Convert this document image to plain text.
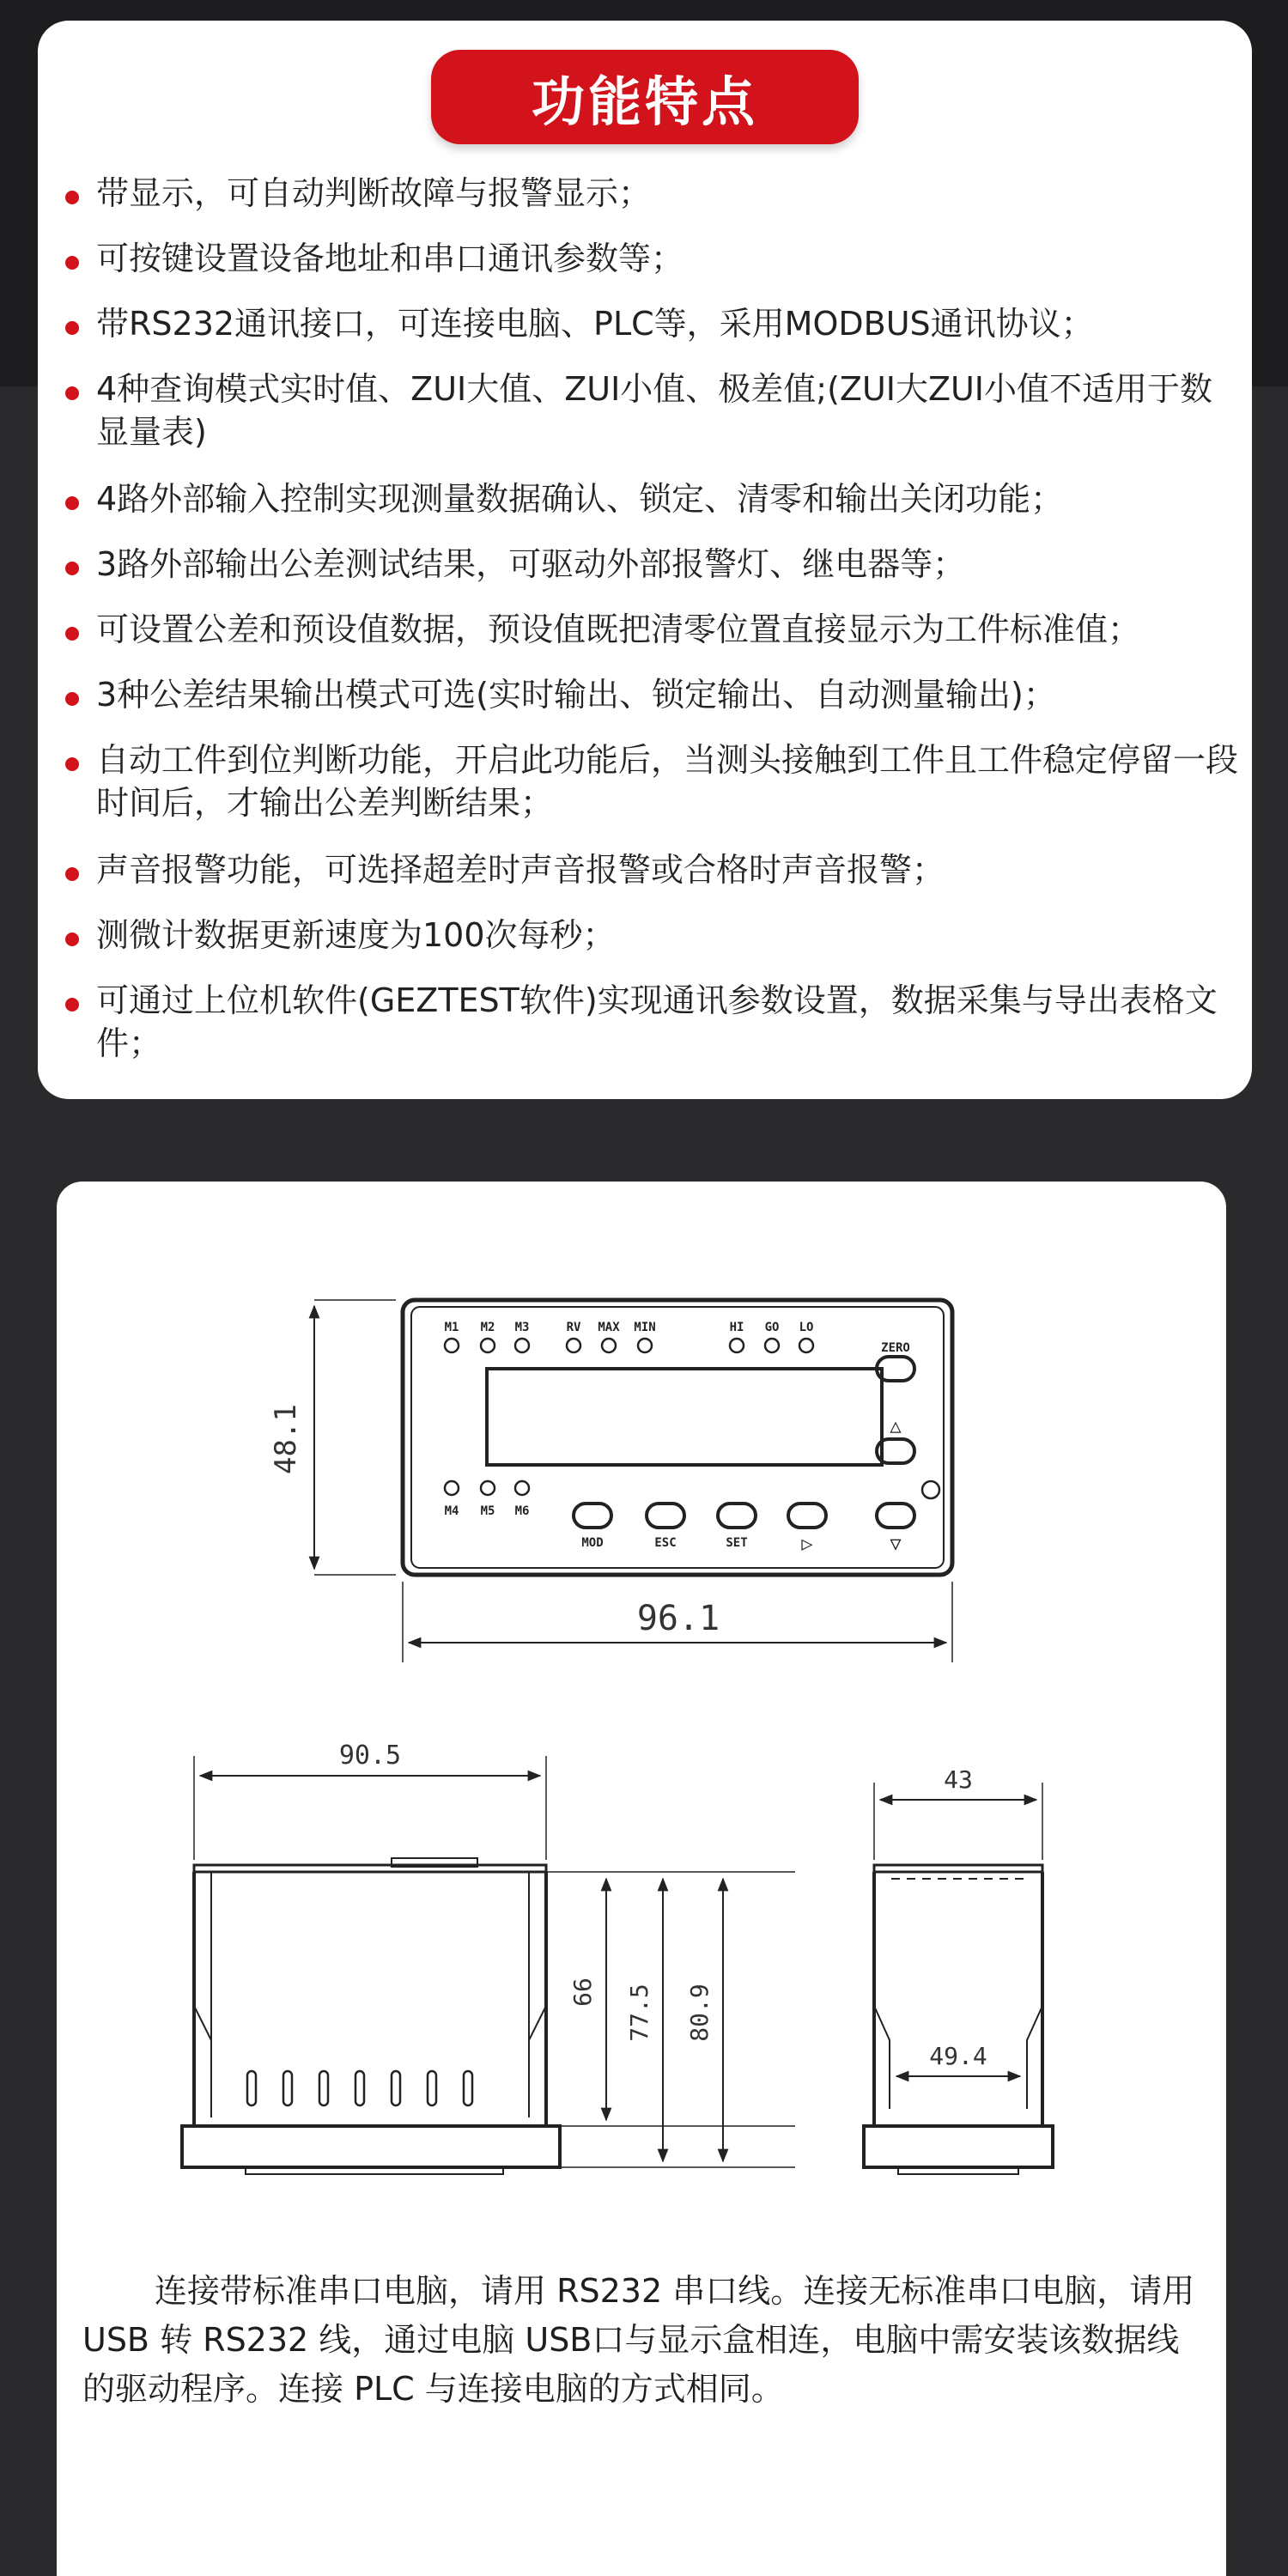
功能特点
带显示，可自动判断故障与报警显示；
可按键设置设备地址和串口通讯参数等；
带RS232通讯接口，可连接电脑、PLC等，采用MODBUS通讯协议；
4种查询模式实时值、ZUI大值、ZUI小值、极差值;(ZUI大ZUI小值不适用于数显量表)
4路外部输入控制实现测量数据确认、锁定、清零和输出关闭功能；
3路外部输出公差测试结果，可驱动外部报警灯、继电器等；
可设置公差和预设值数据，预设值既把清零位置直接显示为工件标准值；
3种公差结果输出模式可选(实时输出、锁定输出、自动测量输出)；
自动工件到位判断功能，开启此功能后，当测头接触到工件且工件稳定停留一段时间后，才输出公差判断结果；
声音报警功能，可选择超差时声音报警或合格时声音报警；
测微计数据更新速度为100次每秒；
可通过上位机软件(GEZTEST软件)实现通讯参数设置，数据采集与导出表格文件；
M1 M2 M3	RV MAX MIN	HI GO LO
M4 M5 M6
ZERO
MOD	ESC	SET	▷
△
▽
48.1
96.1
90.5
66 77.5 80.9
43
49.4

连接带标准串口电脑，请用 RS232 串口线。连接无标准串口电脑，请用 USB 转 RS232 线，通过电脑 USB口与显示盒相连，电脑中需安装该数据线的驱动程序。连接 PLC 与连接电脑的方式相同。
